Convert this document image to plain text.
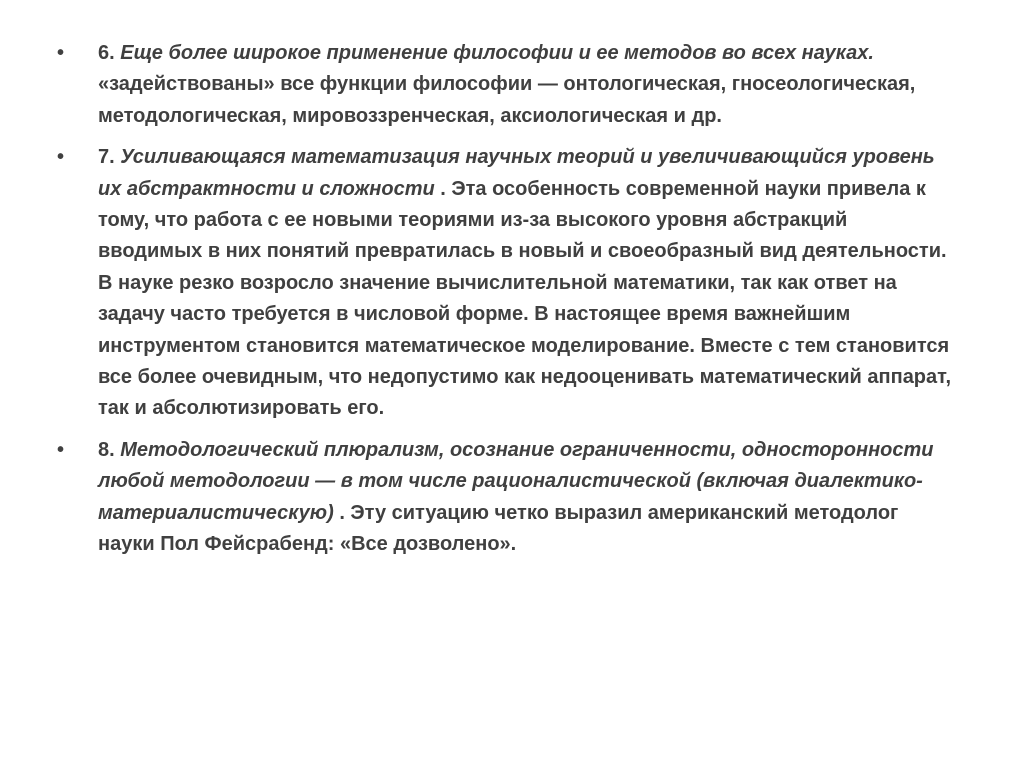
• 6. Еще более широкое применение философии и ее методов во всех науках. «задействованы» все функции философии — онтологическая, гносеологическая, методологическая, мировоззренческая, аксиологическая и др.
• 7. Усиливающаяся математизация научных теорий и увеличивающийся уровень их абстрактности и сложности . Эта особенность современной науки привела к тому, что работа с ее новыми теориями из-за высокого уровня абстракций вводимых в них понятий превратилась в новый и своеобразный вид деятельности. В науке резко возросло значение вычислительной математики, так как ответ на задачу часто требуется в числовой форме. В настоящее время важнейшим инструментом становится математическое моделирование. Вместе с тем становится все более очевидным, что недопустимо как недооценивать математический аппарат, так и абсолютизировать его.
• 8. Методологический плюрализм, осознание ограниченности, односторонности любой методологии — в том числе рационалистической (включая диалектико-материалистическую) . Эту ситуацию четко выразил американский методолог науки Пол Фейсрабенд: «Все дозволено».
